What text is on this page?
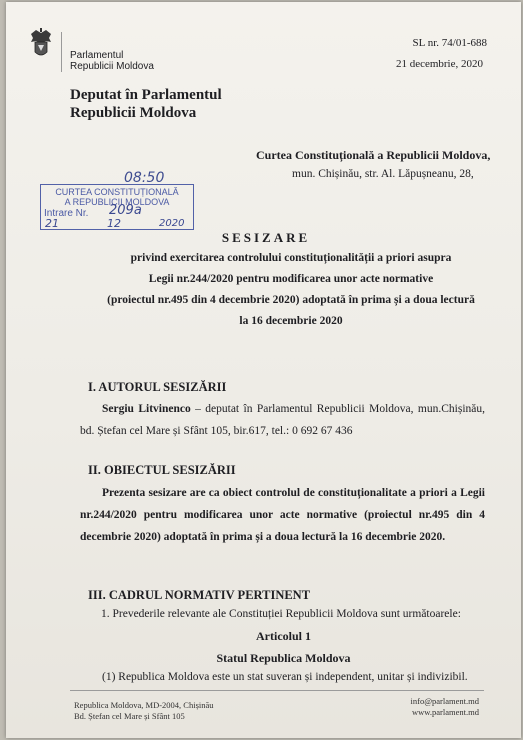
Parlamentul
Republicii Moldova
SL nr. 74/01-688
21 decembrie, 2020
Deputat în Parlamentul
Republicii Moldova
Curtea Constituțională a Republicii Moldova,
mun. Chișinău, str. Al. Lăpușneanu, 28,
08:50
CURTEA CONSTITUȚIONALĂ
A REPUBLICII MOLDOVA
Intrare Nr. 209a
21	12	2020
SESIZARE
privind exercitarea controlului constituționalității a priori asupra
Legii nr.244/2020 pentru modificarea unor acte normative
(proiectul nr.495 din 4 decembrie 2020) adoptată în prima și a doua lectură
la 16 decembrie 2020
I. AUTORUL SESIZĂRII
Sergiu Litvinenco – deputat în Parlamentul Republicii Moldova, mun.Chișinău, bd. Ștefan cel Mare și Sfânt 105, bir.617, tel.: 0 692 67 436
II. OBIECTUL SESIZĂRII
Prezenta sesizare are ca obiect controlul de constituționalitate a priori a Legii nr.244/2020 pentru modificarea unor acte normative (proiectul nr.495 din 4 decembrie 2020) adoptată în prima și a doua lectură la 16 decembrie 2020.
III. CADRUL NORMATIV PERTINENT
1. Prevederile relevante ale Constituției Republicii Moldova sunt următoarele:
Articolul 1
Statul Republica Moldova
(1) Republica Moldova este un stat suveran și independent, unitar și indivizibil.
Republica Moldova, MD-2004, Chișinău
Bd. Ștefan cel Mare și Sfânt 105
info@parlament.md
www.parlament.md
